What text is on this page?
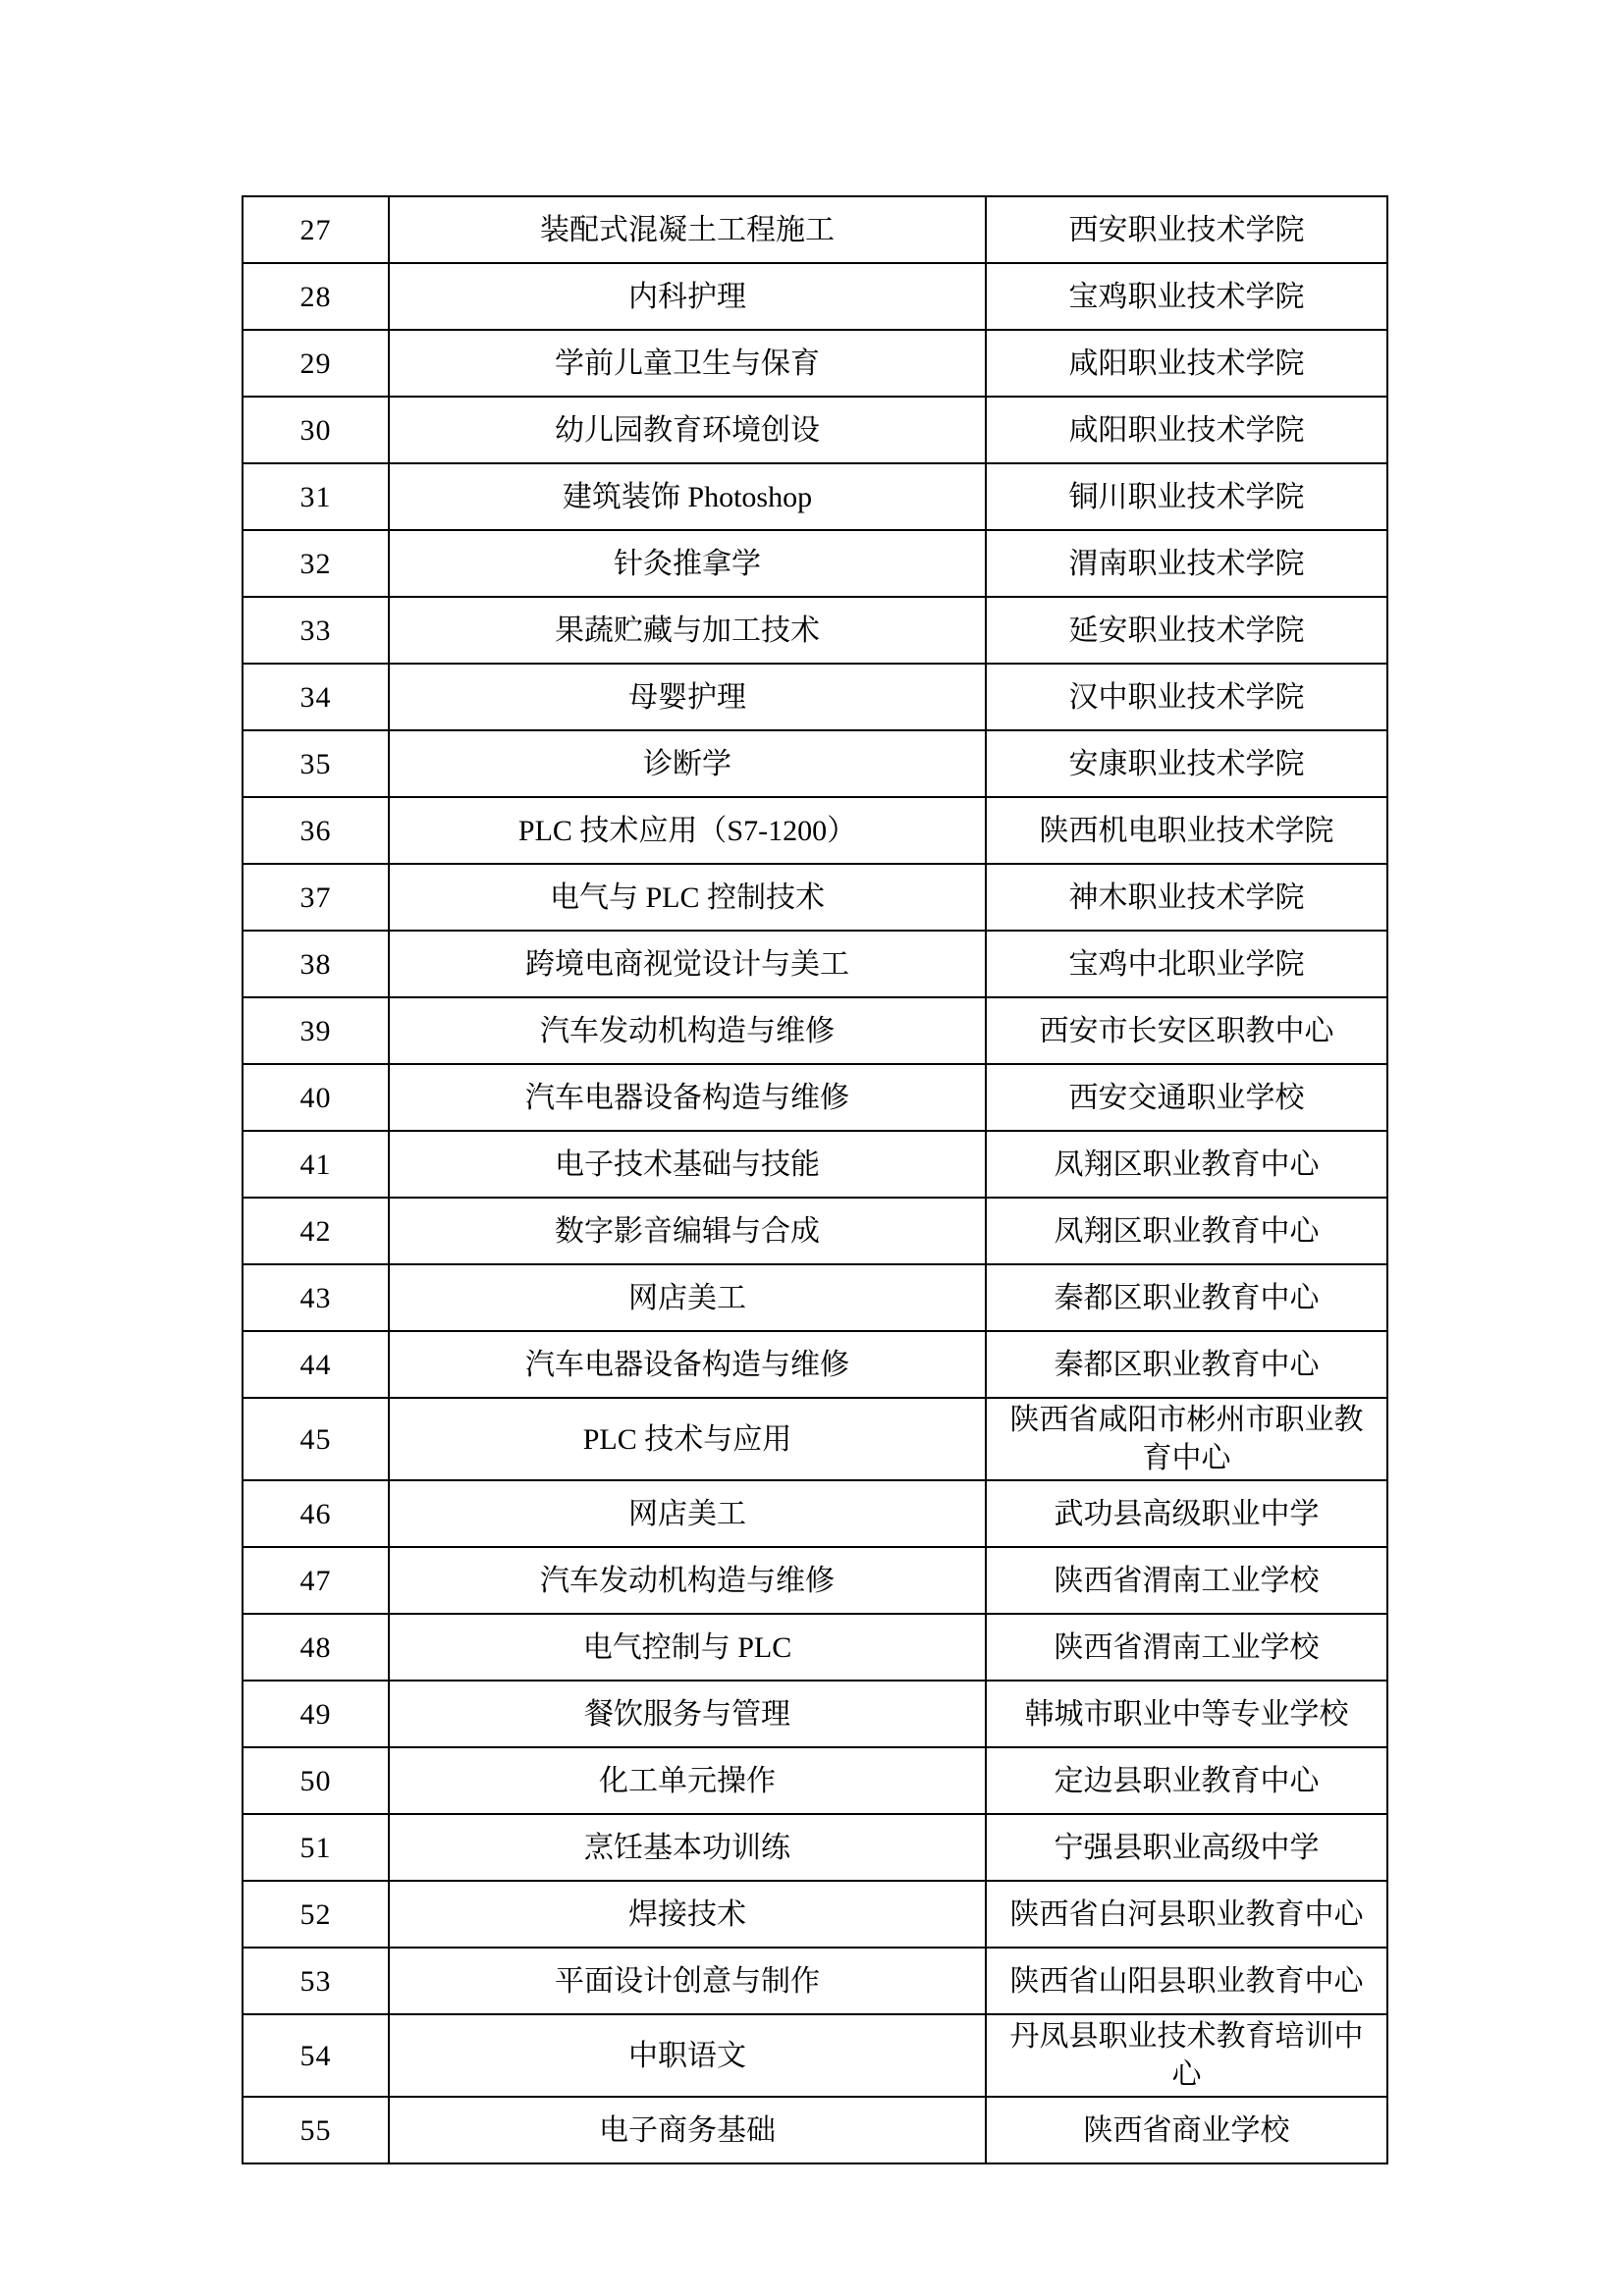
27	装配式混凝土工程施工	西安职业技术学院
28	内科护理	宝鸡职业技术学院
29	学前儿童卫生与保育	咸阳职业技术学院
30	幼儿园教育环境创设	咸阳职业技术学院
31	建筑装饰 Photoshop	铜川职业技术学院
32	针灸推拿学	渭南职业技术学院
33	果蔬贮藏与加工技术	延安职业技术学院
34	母婴护理	汉中职业技术学院
35	诊断学	安康职业技术学院
36	PLC 技术应用（S7-1200）	陕西机电职业技术学院
37	电气与 PLC 控制技术	神木职业技术学院
38	跨境电商视觉设计与美工	宝鸡中北职业学院
39	汽车发动机构造与维修	西安市长安区职教中心
40	汽车电器设备构造与维修	西安交通职业学校
41	电子技术基础与技能	凤翔区职业教育中心
42	数字影音编辑与合成	凤翔区职业教育中心
43	网店美工	秦都区职业教育中心
44	汽车电器设备构造与维修	秦都区职业教育中心
45	PLC 技术与应用	陕西省咸阳市彬州市职业教育中心
46	网店美工	武功县高级职业中学
47	汽车发动机构造与维修	陕西省渭南工业学校
48	电气控制与 PLC	陕西省渭南工业学校
49	餐饮服务与管理	韩城市职业中等专业学校
50	化工单元操作	定边县职业教育中心
51	烹饪基本功训练	宁强县职业高级中学
52	焊接技术	陕西省白河县职业教育中心
53	平面设计创意与制作	陕西省山阳县职业教育中心
54	中职语文	丹凤县职业技术教育培训中心
55	电子商务基础	陕西省商业学校
